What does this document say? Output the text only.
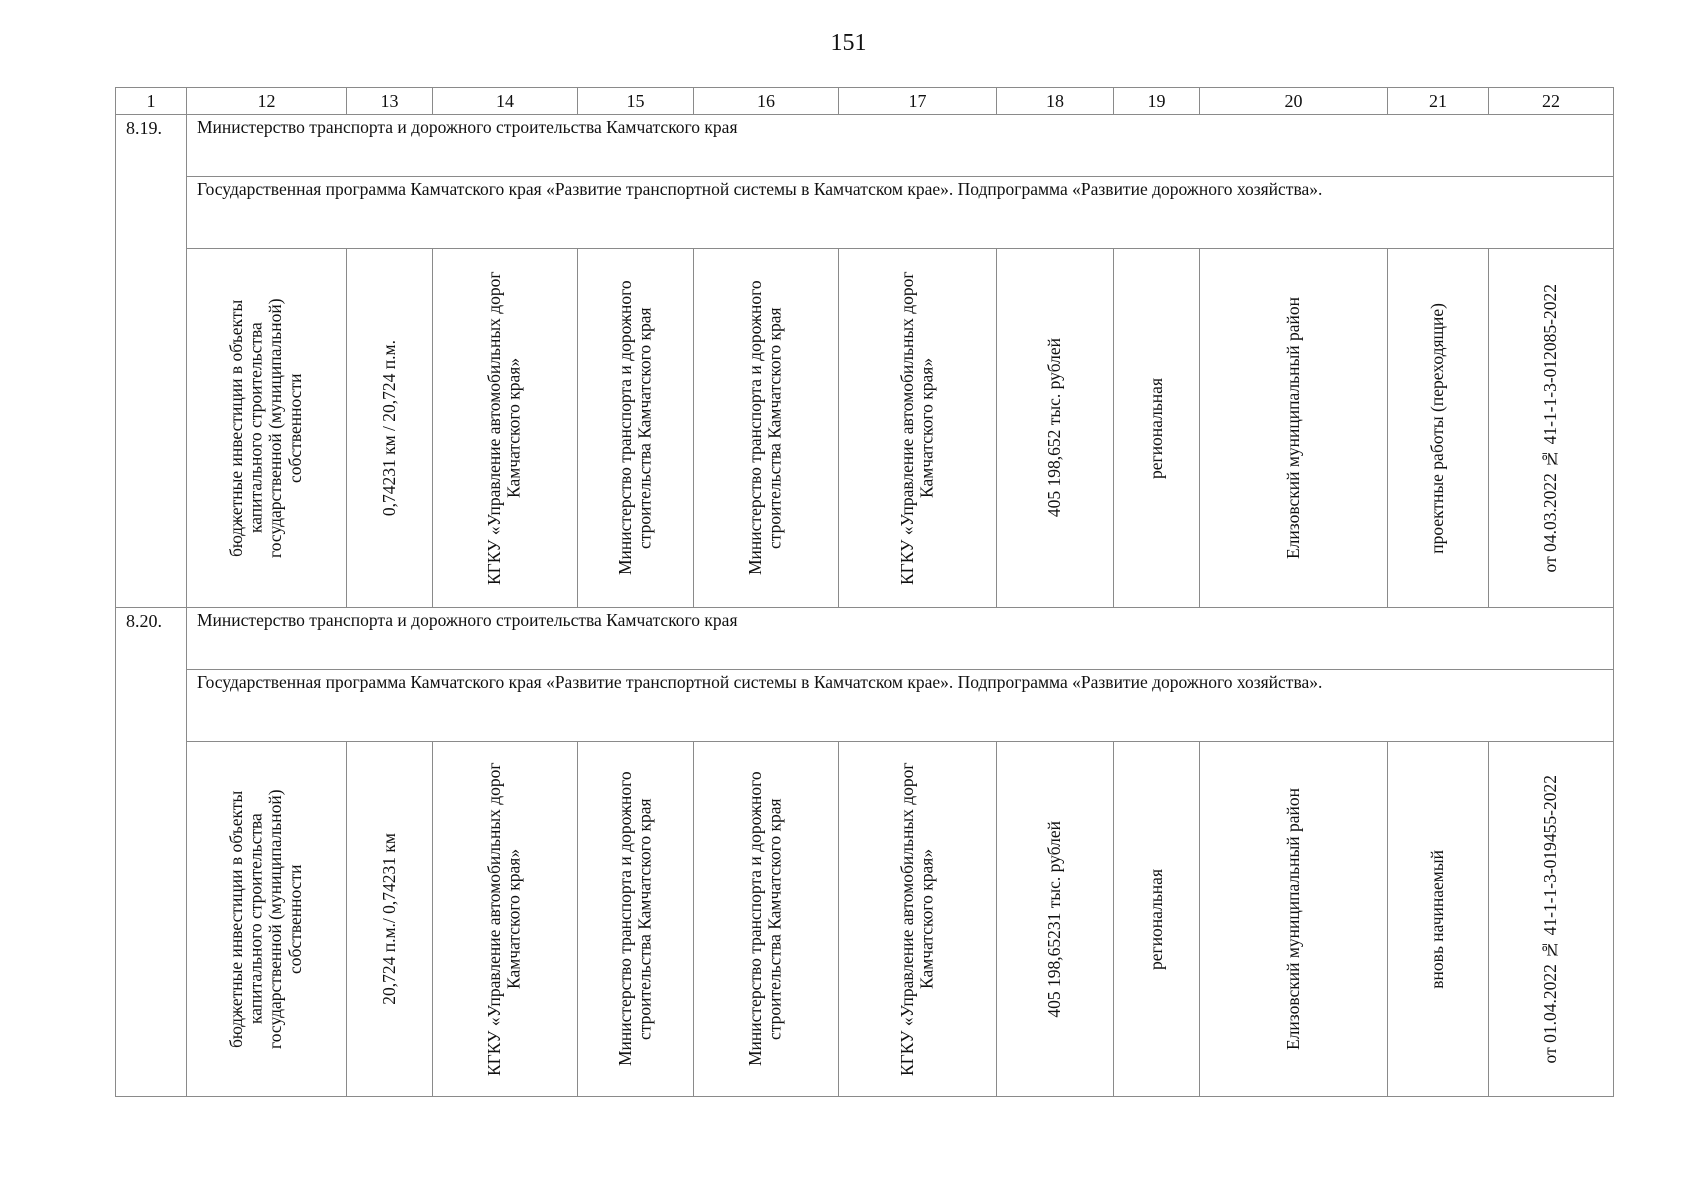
151
1	12	13	14	15	16	17	18	19	20	21	22
8.19.	Министерство транспорта и дорожного строительства Камчатского края										
	Государственная программа Камчатского края «Развитие транспортной системы в Камчатском крае». Подпрограмма «Развитие дорожного хозяйства».										

	бюджетные инвестиции в объекты капитального строительства государственной (муниципальной) собственности	0,74231 км / 20,724 п.м.	КГКУ «Управление автомобильных дорог Камчатского края»	Министерство транспорта и дорожного строительства Камчатского края	Министерство транспорта и дорожного строительства Камчатского края	КГКУ «Управление автомобильных дорог Камчатского края»	405 198,652 тыс. рублей	региональная	Елизовский муниципальный район	проектные работы (переходящие)	от 04.03.2022 № 41-1-1-3-012085-2022

8.20.	Министерство транспорта и дорожного строительства Камчатского края										
	Государственная программа Камчатского края «Развитие транспортной системы в Камчатском крае». Подпрограмма «Развитие дорожного хозяйства».										

	бюджетные инвестиции в объекты капитального строительства государственной (муниципальной) собственности	20,724 п.м./ 0,74231 км	КГКУ «Управление автомобильных дорог Камчатского края»	Министерство транспорта и дорожного строительства Камчатского края	Министерство транспорта и дорожного строительства Камчатского края	КГКУ «Управление автомобильных дорог Камчатского края»	405 198,65231 тыс. рублей	региональная	Елизовский муниципальный район	вновь начинаемый	от 01.04.2022 № 41-1-1-3-019455-2022
